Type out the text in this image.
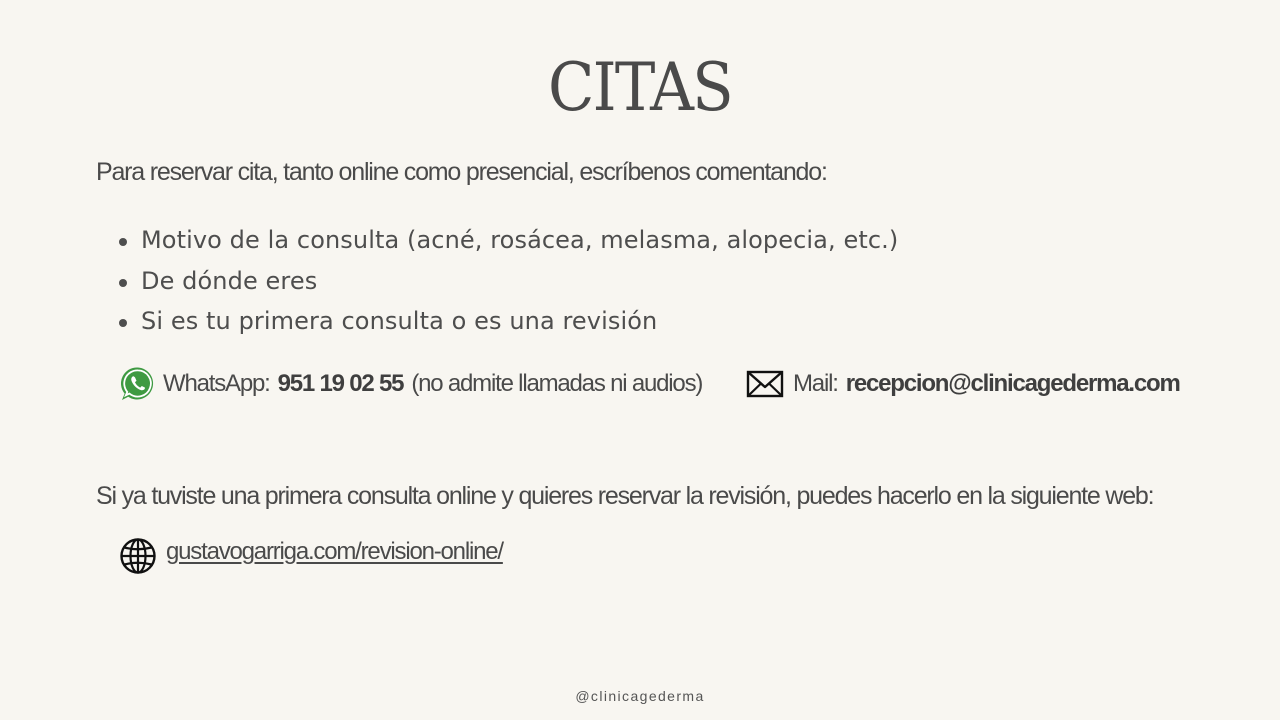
CITAS
Para reservar cita, tanto online como presencial, escríbenos comentando:
Motivo de la consulta (acné, rosácea, melasma, alopecia, etc.)
De dónde eres
Si es tu primera consulta o es una revisión
WhatsApp: 951 19 02 55 (no admite llamadas ni audios)	Mail: recepcion@clinicagederma.com
Si ya tuviste una primera consulta online y quieres reservar la revisión, puedes hacerlo en la siguiente web:
gustavogarriga.com/revision-online/
@clinicagederma
